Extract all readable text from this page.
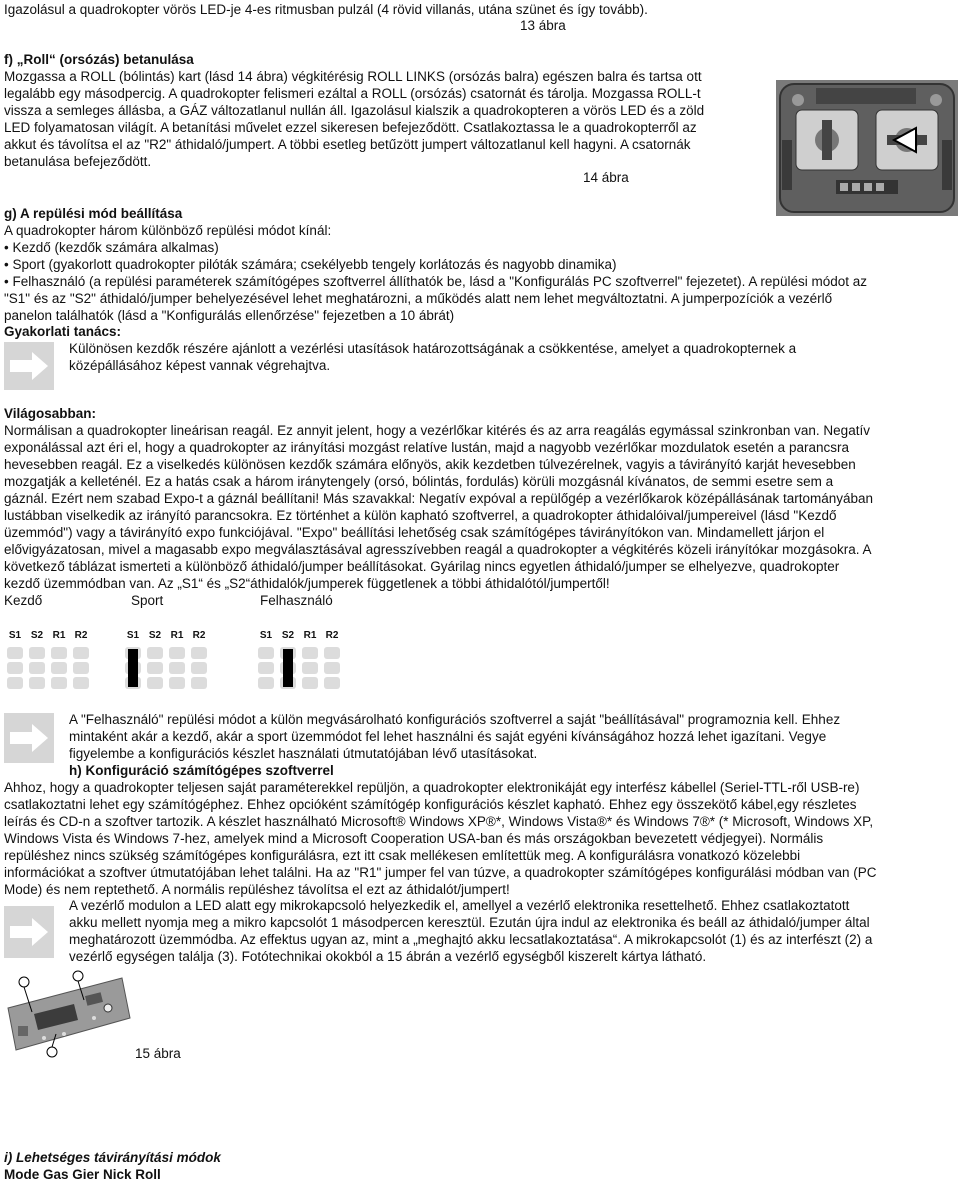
Igazolásul a quadrokopter vörös LED-je 4-es ritmusban pulzál (4 rövid villanás, utána szünet és így tovább).
13 ábra
f) „Roll“ (orsózás) betanulása
Mozgassa a ROLL (bólintás) kart (lásd 14 ábra) végkitérésig ROLL LINKS (orsózás balra) egészen balra és tartsa ott
legalább egy másodpercig. A quadrokopter felismeri ezáltal a ROLL (orsózás) csatornát és tárolja. Mozgassa ROLL-t
vissza a semleges állásba, a GÁZ változatlanul nullán áll. Igazolásul kialszik a quadrokopteren a vörös LED és a zöld
LED folyamatosan világít. A betanítási művelet ezzel sikeresen befejeződött. Csatlakoztassa le a quadrokopterről az
akkut és távolítsa el az "R2" áthidaló/jumpert. A többi esetleg betűzött jumpert változatlanul kell hagyni. A csatornák
betanulása befejeződött.
14 ábra
g) A repülési mód beállítása
A quadrokopter három különböző repülési módot kínál:
• Kezdő (kezdők számára alkalmas)
• Sport (gyakorlott quadrokopter pilóták számára; csekélyebb tengely korlátozás és nagyobb dinamika)
• Felhasználó (a repülési paraméterek számítógépes szoftverrel állíthatók be, lásd a "Konfigurálás PC szoftverrel" fejezetet). A repülési módot az
"S1" és az "S2" áthidaló/jumper behelyezésével lehet meghatározni, a működés alatt nem lehet megváltoztatni. A jumperpozíciók a vezérlő
panelon találhatók (lásd a "Konfigurálás ellenőrzése" fejezetben a 10 ábrát)
Gyakorlati tanács:
Különösen kezdők részére ajánlott a vezérlési utasítások határozottságának a csökkentése, amelyet a quadrokopternek a
középállásához képest vannak végrehajtva.
Világosabban:
Normálisan a quadrokopter lineárisan reagál. Ez annyit jelent, hogy a vezérlőkar kitérés és az arra reagálás egymással szinkronban van. Negatív
exponálással azt éri el, hogy a quadrokopter az irányítási mozgást relatíve lustán, majd a nagyobb vezérlőkar mozdulatok esetén a parancsra
hevesebben reagál. Ez a viselkedés különösen kezdők számára előnyös, akik kezdetben túlvezérelnek, vagyis a távirányító karját hevesebben
mozgatják a kelleténél. Ez a hatás csak a három iránytengely (orsó, bólintás, fordulás) körüli mozgásnál kívánatos, de semmi esetre sem a
gáznál. Ezért nem szabad Expo-t a gáznál beállítani! Más szavakkal: Negatív expóval a repülőgép a vezérlőkarok középállásának tartományában
lustábban viselkedik az irányító parancsokra. Ez történhet a külön kapható szoftverrel, a quadrokopter áthidalóival/jumpereivel (lásd "Kezdő
üzemmód") vagy a távirányító expo funkciójával. "Expo" beállítási lehetőség csak számítógépes távirányítókon van. Mindamellett járjon el
elővigyázatosan, mivel a magasabb expo megválasztásával agresszívebben reagál a quadrokopter a végkitérés közeli irányítókar mozgásokra. A
következő táblázat ismerteti a különböző áthidaló/jumper beállításokat. Gyárilag nincs egyetlen áthidaló/jumper se elhelyezve, quadrokopter
kezdő üzemmódban van. Az „S1“ és „S2“áthidalók/jumperek függetlenek a többi áthidalótól/jumpertől!
Kezdő	Sport	Felhasználó
S1 S2 R1 R2	S1 S2 R1 R2	S1 S2 R1 R2
A "Felhasználó" repülési módot a külön megvásárolható konfigurációs szoftverrel a saját "beállításával" programoznia kell. Ehhez
mintaként akár a kezdő, akár a sport üzemmódot fel lehet használni és saját egyéni kívánságához hozzá lehet igazítani. Vegye
figyelembe a konfigurációs készlet használati útmutatójában lévő utasításokat.
h) Konfiguráció számítógépes szoftverrel
Ahhoz, hogy a quadrokopter teljesen saját paraméterekkel repüljön, a quadrokopter elektronikáját egy interfész kábellel (Seriel-TTL-ről USB-re)
csatlakoztatni lehet egy számítógéphez. Ehhez opcióként számítógép konfigurációs készlet kapható. Ehhez egy összekötő kábel,egy részletes
leírás és CD-n a szoftver tartozik. A készlet használható Microsoft® Windows XP®*, Windows Vista®* és Windows 7®* (* Microsoft, Windows XP,
Windows Vista és Windows 7-hez, amelyek mind a Microsoft Cooperation USA-ban és más országokban bevezetett védjegyei). Normális
repüléshez nincs szükség számítógépes konfigurálásra, ezt itt csak mellékesen említettük meg. A konfigurálásra vonatkozó közelebbi
információkat a szoftver útmutatójában lehet találni. Ha az "R1" jumper fel van túzve, a quadrokopter számítógépes konfigurálási módban van (PC
Mode) és nem reptethető. A normális repüléshez távolítsa el ezt az áthidalót/jumpert!
A vezérlő modulon a LED alatt egy mikrokapcsoló helyezkedik el, amellyel a vezérlő elektronika resettelhető. Ehhez csatlakoztatott
akku mellett nyomja meg a mikro kapcsolót 1 másodpercen keresztül. Ezután újra indul az elektronika és beáll az áthidaló/jumper által
meghatározott üzemmódba. Az effektus ugyan az, mint a „meghajtó akku lecsatlakoztatása“. A mikrokapcsolót (1) és az interfészt (2) a
vezérlő egységen találja (3). Fotótechnikai okokból a 15 ábrán a vezérlő egységből kiszerelt kártya látható.
15 ábra
i) Lehetséges távirányítási módok
Mode Gas Gier Nick Roll
